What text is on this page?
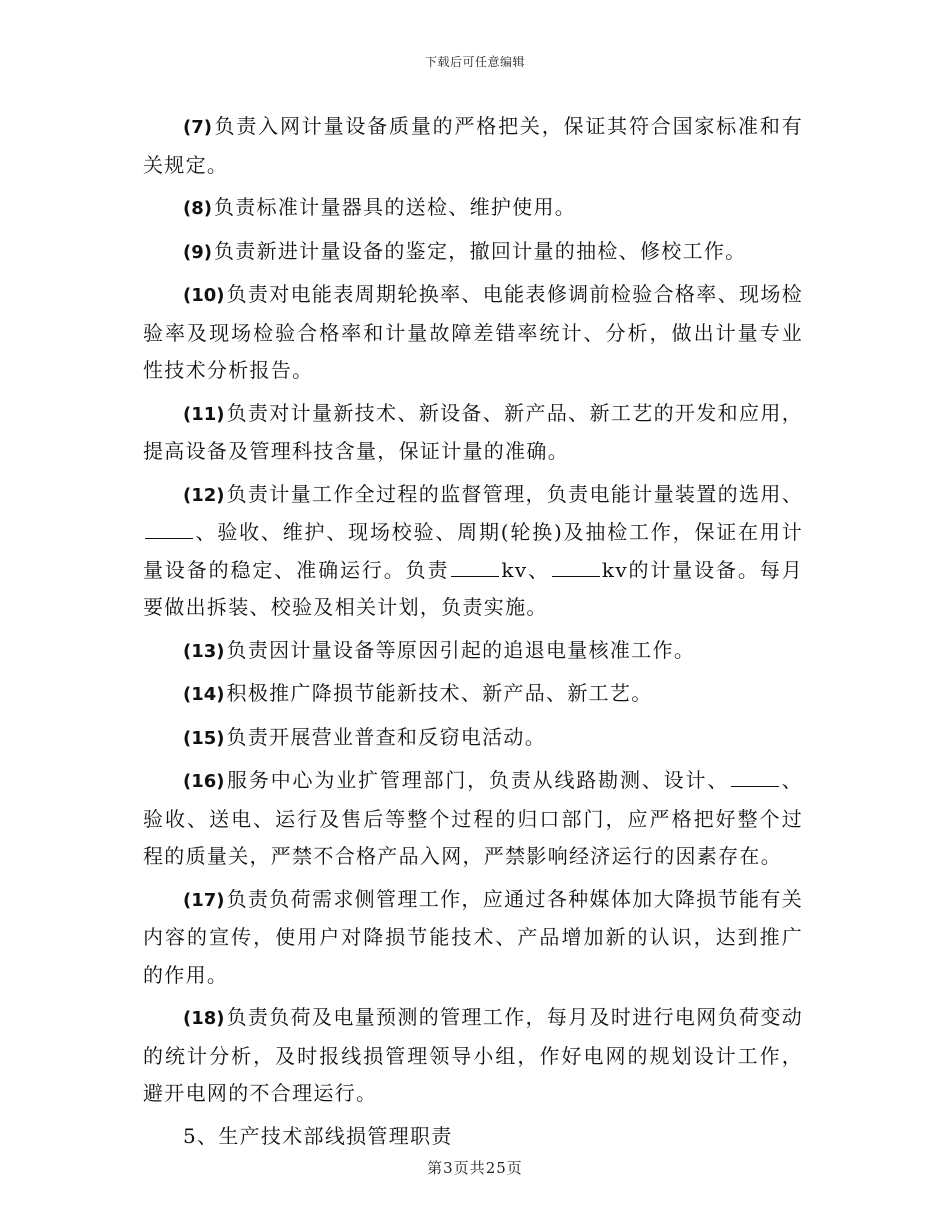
下载后可任意编辑

(7) 负责入网计量设备质量的严格把关，保证其符合国家标准和有关规定。

(8) 负责标准计量器具的送检、维护使用。

(9) 负责新进计量设备的鉴定，撤回计量的抽检、修校工作。

(10) 负责对电能表周期轮换率、电能表修调前检验合格率、现场检验率及现场检验合格率和计量故障差错率统计、分析，做出计量专业性技术分析报告。

(11) 负责对计量新技术、新设备、新产品、新工艺的开发和应用，提高设备及管理科技含量，保证计量的准确。

(12) 负责计量工作全过程的监督管理，负责电能计量装置的选用、、验收、维护、现场校验、周期(轮换)及抽检工作，保证在用计量设备的稳定、准确运行。负责	kv、	kv的计量设备。每月要做出拆装、校验及相关计划，负责实施。

(13) 负责因计量设备等原因引起的追退电量核准工作。

(14) 积极推广降损节能新技术、新产品、新工艺。

(15) 负责开展营业普查和反窃电活动。

(16) 服务中心为业扩管理部门，负责从线路勘测、设计、	、验收、送电、运行及售后等整个过程的归口部门，应严格把好整个过程的质量关，严禁不合格产品入网，严禁影响经济运行的因素存在。

(17) 负责负荷需求侧管理工作，应通过各种媒体加大降损节能有关内容的宣传，使用户对降损节能技术、产品增加新的认识，达到推广的作用。

(18) 负责负荷及电量预测的管理工作，每月及时进行电网负荷变动的统计分析，及时报线损管理领导小组，作好电网的规划设计工作，避开电网的不合理运行。

5、生产技术部线损管理职责

第3页共25页
